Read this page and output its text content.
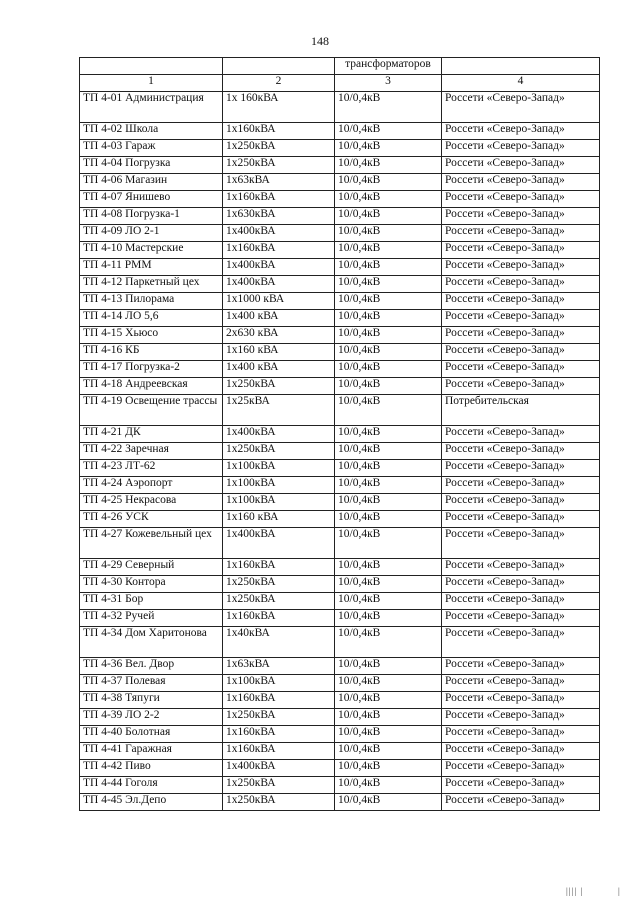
148
		трансформаторов	
1	2	3	4
ТП 4-01 Администрация	1х 160кВА	10/0,4кВ	Россети «Северо-Запад»
ТП 4-02 Школа	1х160кВА	10/0,4кВ	Россети «Северо-Запад»
ТП 4-03 Гараж	1х250кВА	10/0,4кВ	Россети «Северо-Запад»
ТП 4-04 Погрузка	1х250кВА	10/0,4кВ	Россети «Северо-Запад»
ТП 4-06 Магазин	1х63кВА	10/0,4кВ	Россети «Северо-Запад»
ТП 4-07 Янишево	1х160кВА	10/0,4кВ	Россети «Северо-Запад»
ТП 4-08 Погрузка-1	1х630кВА	10/0,4кВ	Россети «Северо-Запад»
ТП 4-09 ЛО 2-1	1х400кВА	10/0,4кВ	Россети «Северо-Запад»
ТП 4-10 Мастерские	1х160кВА	10/0,4кВ	Россети «Северо-Запад»
ТП 4-11 РММ	1х400кВА	10/0,4кВ	Россети «Северо-Запад»
ТП 4-12 Паркетный цех	1х400кВА	10/0,4кВ	Россети «Северо-Запад»
ТП 4-13 Пилорама	1х1000 кВА	10/0,4кВ	Россети «Северо-Запад»
ТП 4-14 ЛО 5,6	1х400 кВА	10/0,4кВ	Россети «Северо-Запад»
ТП 4-15 Хьюсо	2х630 кВА	10/0,4кВ	Россети «Северо-Запад»
ТП 4-16 КБ	1х160 кВА	10/0,4кВ	Россети «Северо-Запад»
ТП 4-17 Погрузка-2	1х400 кВА	10/0,4кВ	Россети «Северо-Запад»
ТП 4-18 Андреевская	1х250кВА	10/0,4кВ	Россети «Северо-Запад»
ТП 4-19 Освещение трассы	1х25кВА	10/0,4кВ	Потребительская
ТП 4-21 ДК	1х400кВА	10/0,4кВ	Россети «Северо-Запад»
ТП 4-22 Заречная	1х250кВА	10/0,4кВ	Россети «Северо-Запад»
ТП 4-23 ЛТ-62	1х100кВА	10/0,4кВ	Россети «Северо-Запад»
ТП 4-24 Аэропорт	1х100кВА	10/0,4кВ	Россети «Северо-Запад»
ТП 4-25 Некрасова	1х100кВА	10/0,4кВ	Россети «Северо-Запад»
ТП 4-26 УСК	1х160 кВА	10/0,4кВ	Россети «Северо-Запад»
ТП 4-27 Кожевельный цех	1х400кВА	10/0,4кВ	Россети «Северо-Запад»
ТП 4-29 Северный	1х160кВА	10/0,4кВ	Россети «Северо-Запад»
ТП 4-30 Контора	1х250кВА	10/0,4кВ	Россети «Северо-Запад»
ТП 4-31 Бор	1х250кВА	10/0,4кВ	Россети «Северо-Запад»
ТП 4-32 Ручей	1х160кВА	10/0,4кВ	Россети «Северо-Запад»
ТП 4-34 Дом Харитонова	1х40кВА	10/0,4кВ	Россети «Северо-Запад»
ТП 4-36 Вел. Двор	1х63кВА	10/0,4кВ	Россети «Северо-Запад»
ТП 4-37 Полевая	1х100кВА	10/0,4кВ	Россети «Северо-Запад»
ТП 4-38 Тяпуги	1х160кВА	10/0,4кВ	Россети «Северо-Запад»
ТП 4-39 ЛО 2-2	1х250кВА	10/0,4кВ	Россети «Северо-Запад»
ТП 4-40 Болотная	1х160кВА	10/0,4кВ	Россети «Северо-Запад»
ТП 4-41 Гаражная	1х160кВА	10/0,4кВ	Россети «Северо-Запад»
ТП 4-42 Пиво	1х400кВА	10/0,4кВ	Россети «Северо-Запад»
ТП 4-44 Гоголя	1х250кВА	10/0,4кВ	Россети «Северо-Запад»
ТП 4-45 Эл.Депо	1х250кВА	10/0,4кВ	Россети «Северо-Запад»
|||| |	|
